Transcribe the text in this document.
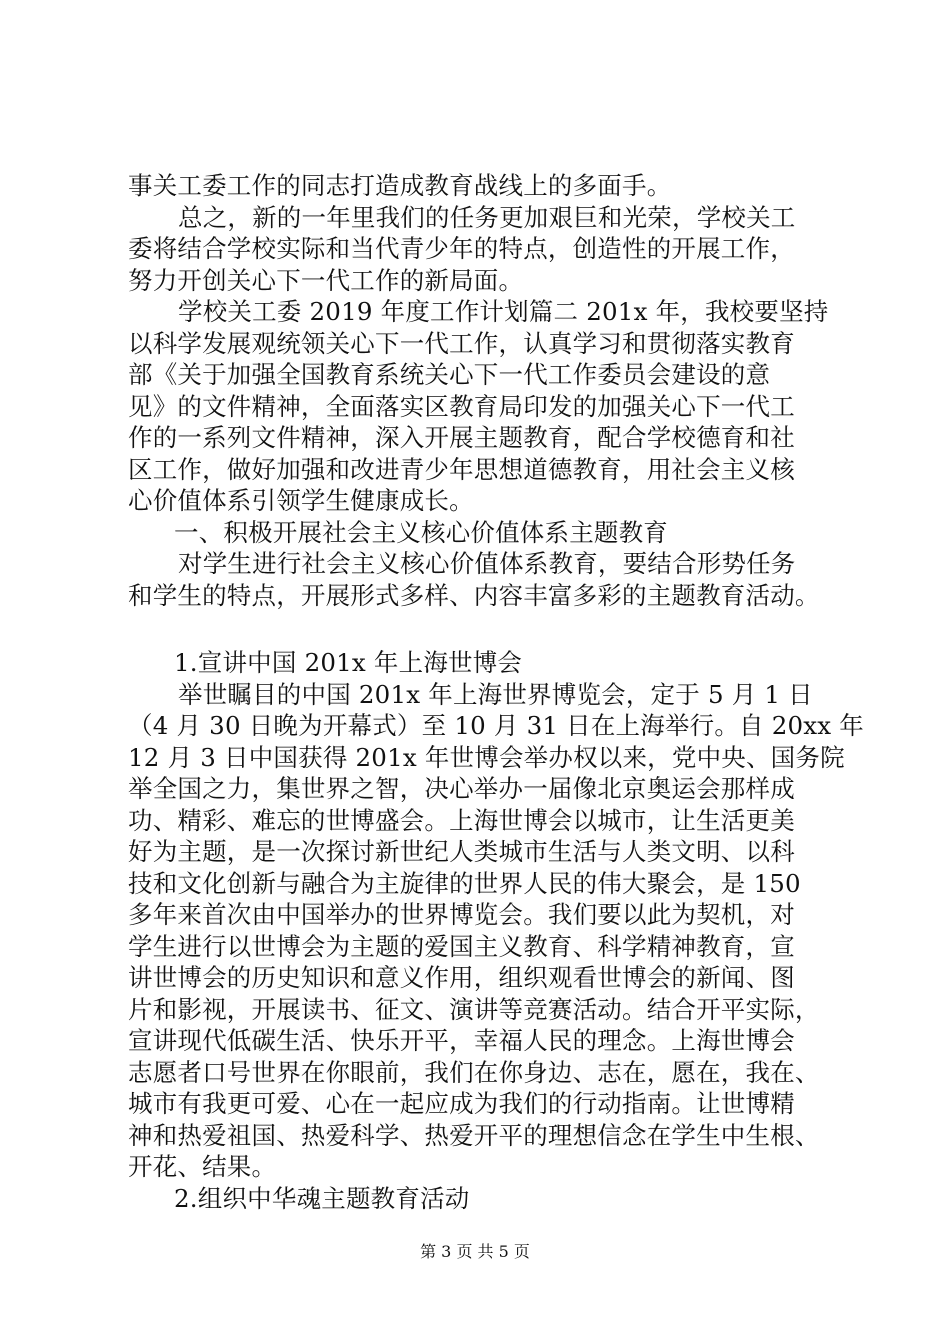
事关工委工作的同志打造成教育战线上的多面手。
总之，新的一年里我们的任务更加艰巨和光荣，学校关工
委将结合学校实际和当代青少年的特点，创造性的开展工作，
努力开创关心下一代工作的新局面。
学校关工委 2019 年度工作计划篇二 201x 年，我校要坚持
以科学发展观统领关心下一代工作，认真学习和贯彻落实教育
部《关于加强全国教育系统关心下一代工作委员会建设的意
见》的文件精神，全面落实区教育局印发的加强关心下一代工
作的一系列文件精神，深入开展主题教育，配合学校德育和社
区工作，做好加强和改进青少年思想道德教育，用社会主义核
心价值体系引领学生健康成长。
一、积极开展社会主义核心价值体系主题教育
对学生进行社会主义核心价值体系教育，要结合形势任务
和学生的特点，开展形式多样、内容丰富多彩的主题教育活动。
1.宣讲中国 201x 年上海世博会
举世瞩目的中国 201x 年上海世界博览会，定于 5 月 1 日
（4 月 30 日晚为开幕式）至 10 月 31 日在上海举行。自 20xx 年
12 月 3 日中国获得 201x 年世博会举办权以来，党中央、国务院
举全国之力，集世界之智，决心举办一届像北京奥运会那样成
功、精彩、难忘的世博盛会。上海世博会以城市，让生活更美
好为主题，是一次探讨新世纪人类城市生活与人类文明、以科
技和文化创新与融合为主旋律的世界人民的伟大聚会，是 150
多年来首次由中国举办的世界博览会。我们要以此为契机，对
学生进行以世博会为主题的爱国主义教育、科学精神教育，宣
讲世博会的历史知识和意义作用，组织观看世博会的新闻、图
片和影视，开展读书、征文、演讲等竞赛活动。结合开平实际，
宣讲现代低碳生活、快乐开平，幸福人民的理念。上海世博会
志愿者口号世界在你眼前，我们在你身边、志在，愿在，我在、
城市有我更可爱、心在一起应成为我们的行动指南。让世博精
神和热爱祖国、热爱科学、热爱开平的理想信念在学生中生根、
开花、结果。
2.组织中华魂主题教育活动
第 3 页 共 5 页
